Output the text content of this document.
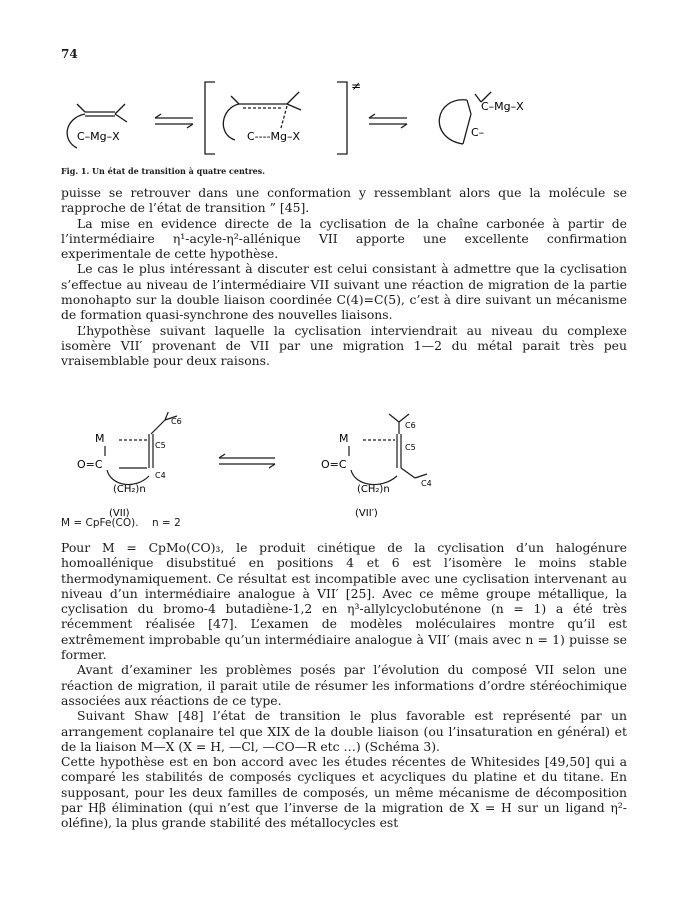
74
C–Mg–X	C----Mg–X
≠
C–Mg–X
C–
Fig. 1. Un état de transition à quatre centres.

puisse se retrouver dans une conformation y ressemblant alors que la molécule se rapproche de l’état de transition ” [45].

La mise en evidence directe de la cyclisation de la chaîne carbonée à partir de l’intermédiaire η¹-acyle-η²-allénique VII apporte une excellente confirmation experimentale de cette hypothèse.

Le cas le plus intéressant à discuter est celui consistant à admettre que la cyclisation s’effectue au niveau de l’intermédiaire VII suivant une réaction de migration de la partie monohapto sur la double liaison coordinée C(4)=C(5), c’est à dire suivant un mécanisme de formation quasi-synchrone des nouvelles liaisons.

L’hypothèse suivant laquelle la cyclisation interviendrait au niveau du complexe isomère VII′ provenant de VII par une migration 1—2 du métal parait très peu vraisemblable pour deux raisons.

M
O=C
(CH₂)n
C5
C4
C6
M
O=C
(CH₂)n
C6
C5
C4
(VII)	(VII′)
M = CpFe(CO). n = 2

Pour M = CpMo(CO)₃, le produit cinétique de la cyclisation d’un halogénure homoallénique disubstitué en positions 4 et 6 est l’isomère le moins stable thermodynamiquement. Ce résultat est incompatible avec une cyclisation intervenant au niveau d’un intermédiaire analogue à VII′ [25]. Avec ce même groupe métallique, la cyclisation du bromo-4 butadiène-1,2 en η³-allylcyclobuténone (n = 1) a été très récemment réalisée [47]. L’examen de modèles moléculaires montre qu’il est extrêmement improbable qu’un intermédiaire analogue à VII′ (mais avec n = 1) puisse se former.

Avant d’examiner les problèmes posés par l’évolution du composé VII selon une réaction de migration, il parait utile de résumer les informations d’ordre stéréochimique associées aux réactions de ce type.

Suivant Shaw [48] l’état de transition le plus favorable est représenté par un arrangement coplanaire tel que XIX de la double liaison (ou l’insaturation en général) et de la liaison M—X (X = H, —Cl, —CO—R etc …) (Schéma 3).

Cette hypothèse est en bon accord avec les études récentes de Whitesides [49,50] qui a comparé les stabilités de composés cycliques et acycliques du platine et du titane. En supposant, pour les deux familles de composés, un même mécanisme de décomposition par Hβ élimination (qui n’est que l’inverse de la migration de X = H sur un ligand η²-oléfine), la plus grande stabilité des métallocycles est
